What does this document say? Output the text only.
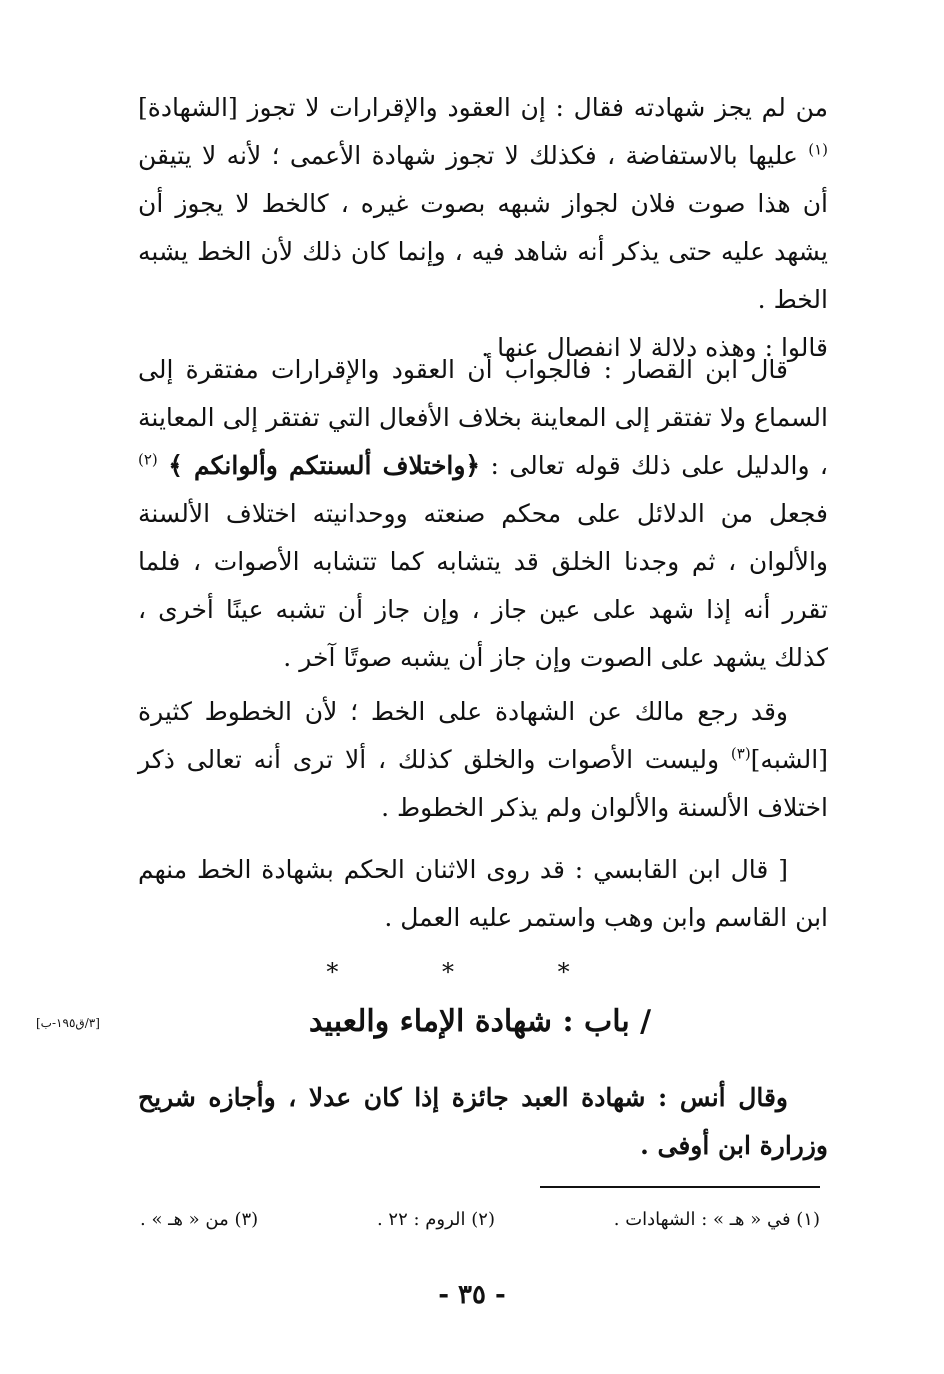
من لم يجز شهادته فقال : إن العقود والإقرارات لا تجوز [الشهادة]$^{(١)}$ عليها بالاستفاضة ، فكذلك لا تجوز شهادة الأعمى ؛ لأنه لا يتيقن أن هذا صوت فلان لجواز شبهه بصوت غيره ، كالخط لا يجوز أن يشهد عليه حتى يذكر أنه شاهد فيه ، وإنما كان ذلك لأن الخط يشبه الخط .

قالوا : وهذه دلالة لا انفصال عنها .

قال ابن القصار : فالجواب أن العقود والإقرارات مفتقرة إلى السماع ولا تفتقر إلى المعاينة بخلاف الأفعال التي تفتقر إلى المعاينة ، والدليل على ذلك قوله تعالى : ﴿واختلاف ألسنتكم وألوانكم ﴾ $^{(٢)}$ فجعل من الدلائل على محكم صنعته ووحدانيته اختلاف الألسنة والألوان ، ثم وجدنا الخلق قد يتشابه كما تتشابه الأصوات ، فلما تقرر أنه إذا شهد على عين جاز ، وإن جاز أن تشبه عينًا أخرى ، كذلك يشهد على الصوت وإن جاز أن يشبه صوتًا آخر .

وقد رجع مالك عن الشهادة على الخط ؛ لأن الخطوط كثيرة [الشبه]$^{(٣)}$ وليست الأصوات والخلق كذلك ، ألا ترى أنه تعالى ذكر اختلاف الألسنة والألوان ولم يذكر الخطوط .

[ قال ابن القابسي : قد روى الاثنان الحكم بشهادة الخط منهم ابن القاسم وابن وهب واستمر عليه العمل .

* * *
[٣/ق١٩٥-ب]	/ باب : شهادة الإماء والعبيد

وقال أنس : شهادة العبد جائزة إذا كان عدلا ، وأجازه شريح وزرارة ابن أوفى .

(١) في « هـ » : الشهادات .
(٢) الروم : ٢٢ .
(٣) من « هـ » .
- ٣٥ -
